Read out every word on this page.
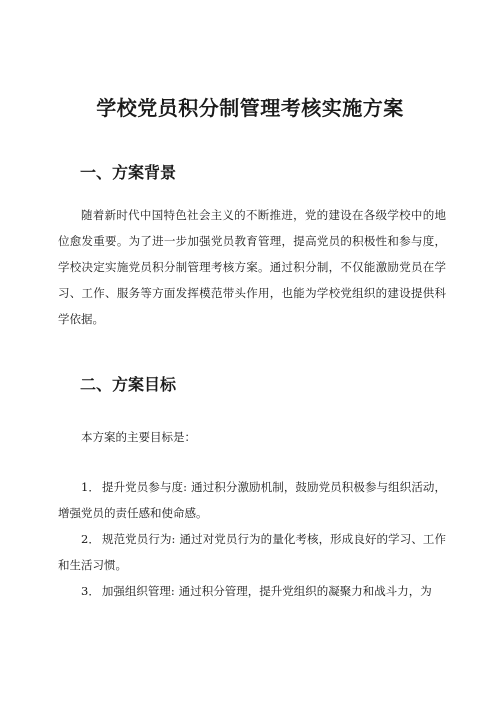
学校党员积分制管理考核实施方案
一、方案背景

随着新时代中国特色社会主义的不断推进，党的建设在各级学校中的地位愈发重要。为了进一步加强党员教育管理，提高党员的积极性和参与度，学校决定实施党员积分制管理考核方案。通过积分制，不仅能激励党员在学习、工作、服务等方面发挥模范带头作用，也能为学校党组织的建设提供科学依据。

二、方案目标

本方案的主要目标是：

1． 提升党员参与度: 通过积分激励机制，鼓励党员积极参与组织活动，增强党员的责任感和使命感。
2． 规范党员行为: 通过对党员行为的量化考核，形成良好的学习、工作和生活习惯。
3． 加强组织管理: 通过积分管理，提升党组织的凝聚力和战斗力，为
